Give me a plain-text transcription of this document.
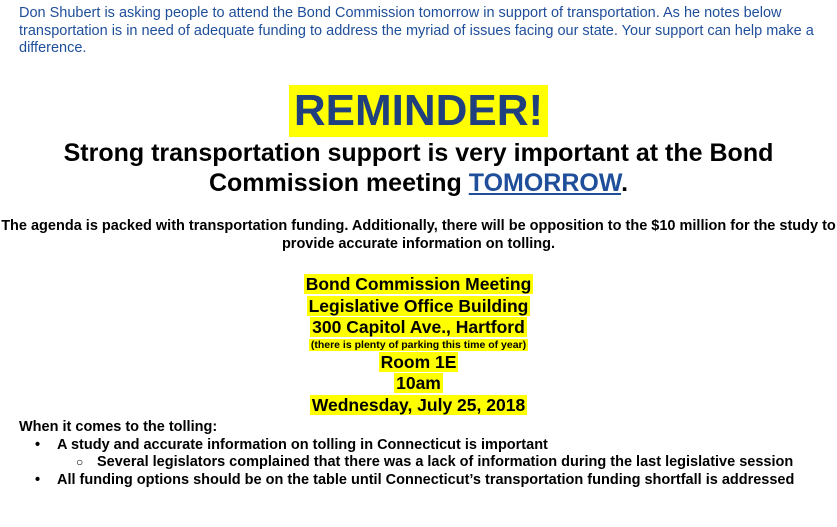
Don Shubert is asking people to attend the Bond Commission tomorrow in support of transportation. As he notes below transportation is in need of adequate funding to address the myriad of issues facing our state. Your support can help make a difference.

REMINDER!
Strong transportation support is very important at the Bond Commission meeting TOMORROW.

The agenda is packed with transportation funding. Additionally, there will be opposition to the $10 million for the study to provide accurate information on tolling.

Bond Commission Meeting
Legislative Office Building
300 Capitol Ave., Hartford
(there is plenty of parking this time of year)
Room 1E
10am
Wednesday, July 25, 2018

When it comes to the tolling:

• A study and accurate information on tolling in Connecticut is important
○ Several legislators complained that there was a lack of information during the last legislative session
• All funding options should be on the table until Connecticut’s transportation funding shortfall is addressed
